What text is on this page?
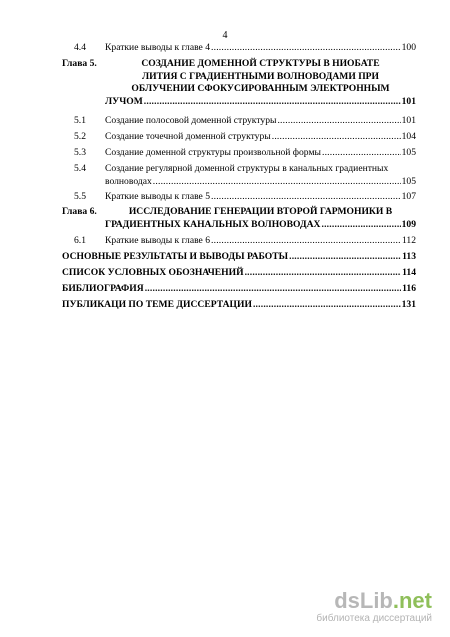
4
4.4 Краткие выводы к главе 4 .....	100
Глава 5.	СОЗДАНИЕ ДОМЕННОЙ СТРУКТУРЫ В НИОБАТЕ
ЛИТИЯ С ГРАДИЕНТНЫМИ ВОЛНОВОДАМИ ПРИ
ОБЛУЧЕНИИ СФОКУСИРОВАННЫМ ЭЛЕКТРОННЫМ
ЛУЧОМ .....	101
5.1 Создание полосовой доменной структуры .....	101
5.2 Создание точечной доменной структуры .....	104
5.3 Создание доменной структуры произвольной формы .....	105
5.4 Создание регулярной доменной структуры в канальных градиентных
волноводах .....	105
5.5 Краткие выводы к главе 5 .....	107
Глава 6.	ИССЛЕДОВАНИЕ ГЕНЕРАЦИИ ВТОРОЙ ГАРМОНИКИ В
ГРАДИЕНТНЫХ КАНАЛЬНЫХ ВОЛНОВОДАХ .....	109
6.1 Краткие выводы к главе 6 .....	112
ОСНОВНЫЕ РЕЗУЛЬТАТЫ И ВЫВОДЫ РАБОТЫ .....	113
СПИСОК УСЛОВНЫХ ОБОЗНАЧЕНИЙ .....	114
БИБЛИОГРАФИЯ .....	116
ПУБЛИКАЦИ ПО ТЕМЕ ДИССЕРТАЦИИ .....	131
dsLib.net
библиотека диссертаций
